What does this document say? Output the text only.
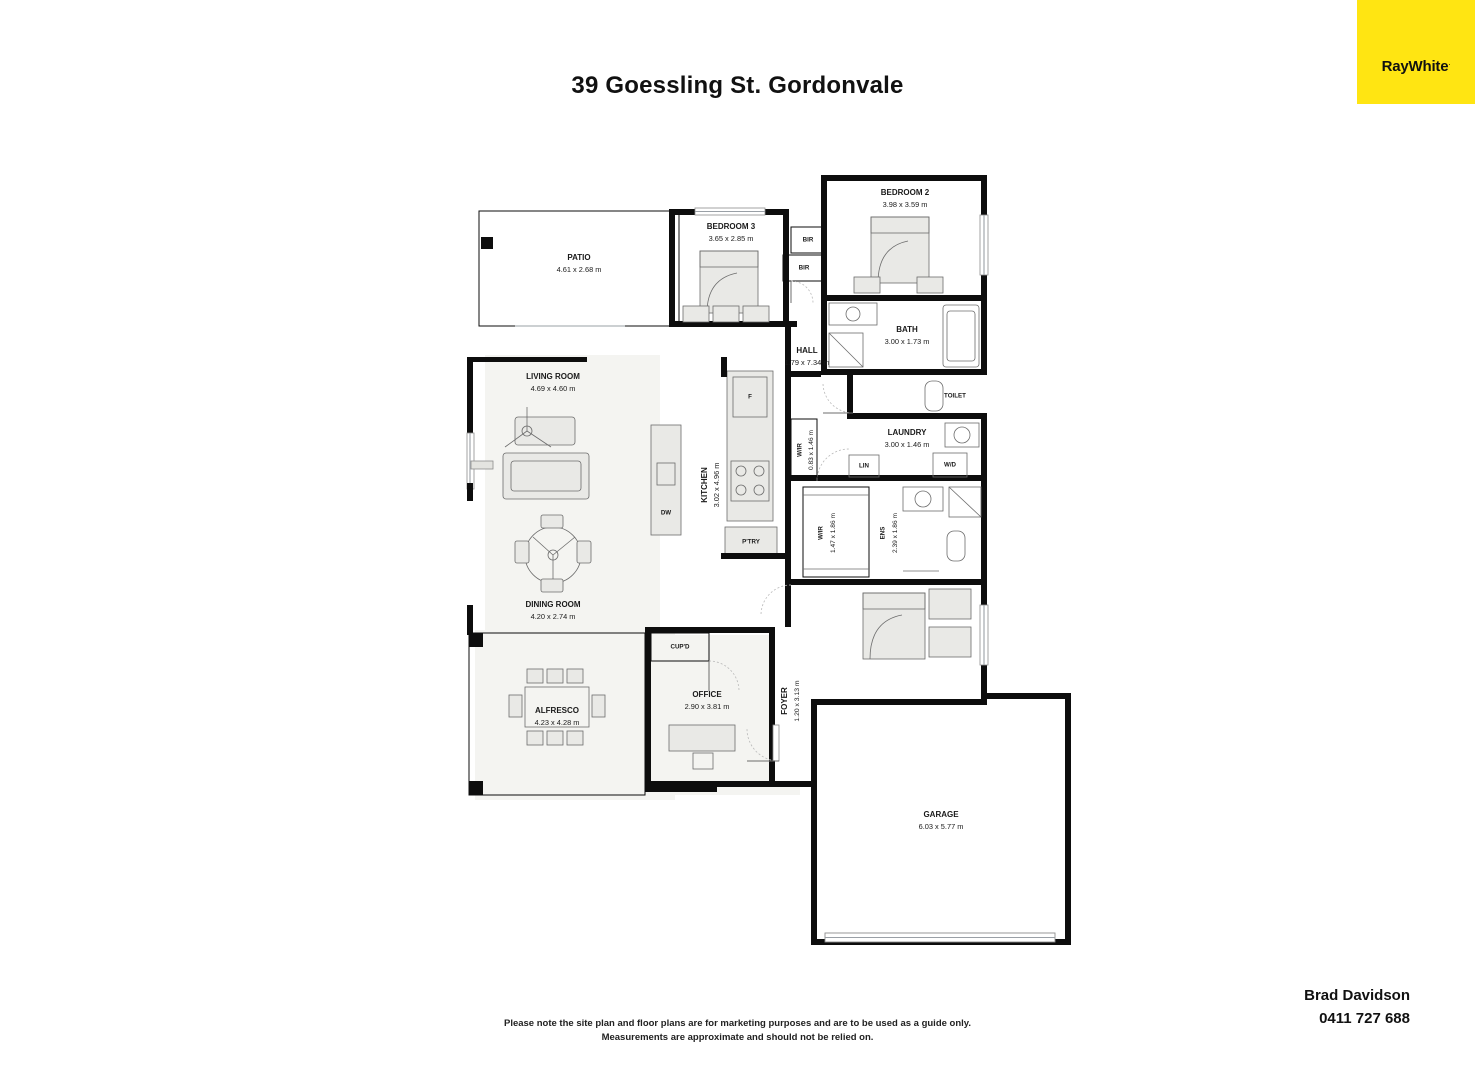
39 Goessling St. Gordonvale
RayWhite.
PATIO
4.61 x 2.68 m
BEDROOM 3
3.65 x 2.85 m	BIR
BIR
BEDROOM 2
3.98 x 3.59 m
BATH
3.00 x 1.73 m
HALL
1.79 x 7.34 m
TOILET
LAUNDRY
3.00 x 1.46 m
LIN	W/D
W/IR 0.83 x 1.46 m
W/IR 1.47 x 1.86 m	ENS 2.39 x 1.86 m
LIVING ROOM
4.69 x 4.60 m
DINING ROOM
4.20 x 2.74 m
KITCHEN 3.02 x 4.96 m
DW
F
P'TRY
ALFRESCO
4.23 x 4.28 m
CUP'D
OFFICE
2.90 x 3.81 m	FOYER 1.20 x 3.13 m
GARAGE
6.03 x 5.77 m
Please note the site plan and floor plans are for marketing purposes and are to be used as a guide only.
Measurements are approximate and should not be relied on.
Brad Davidson
0411 727 688
